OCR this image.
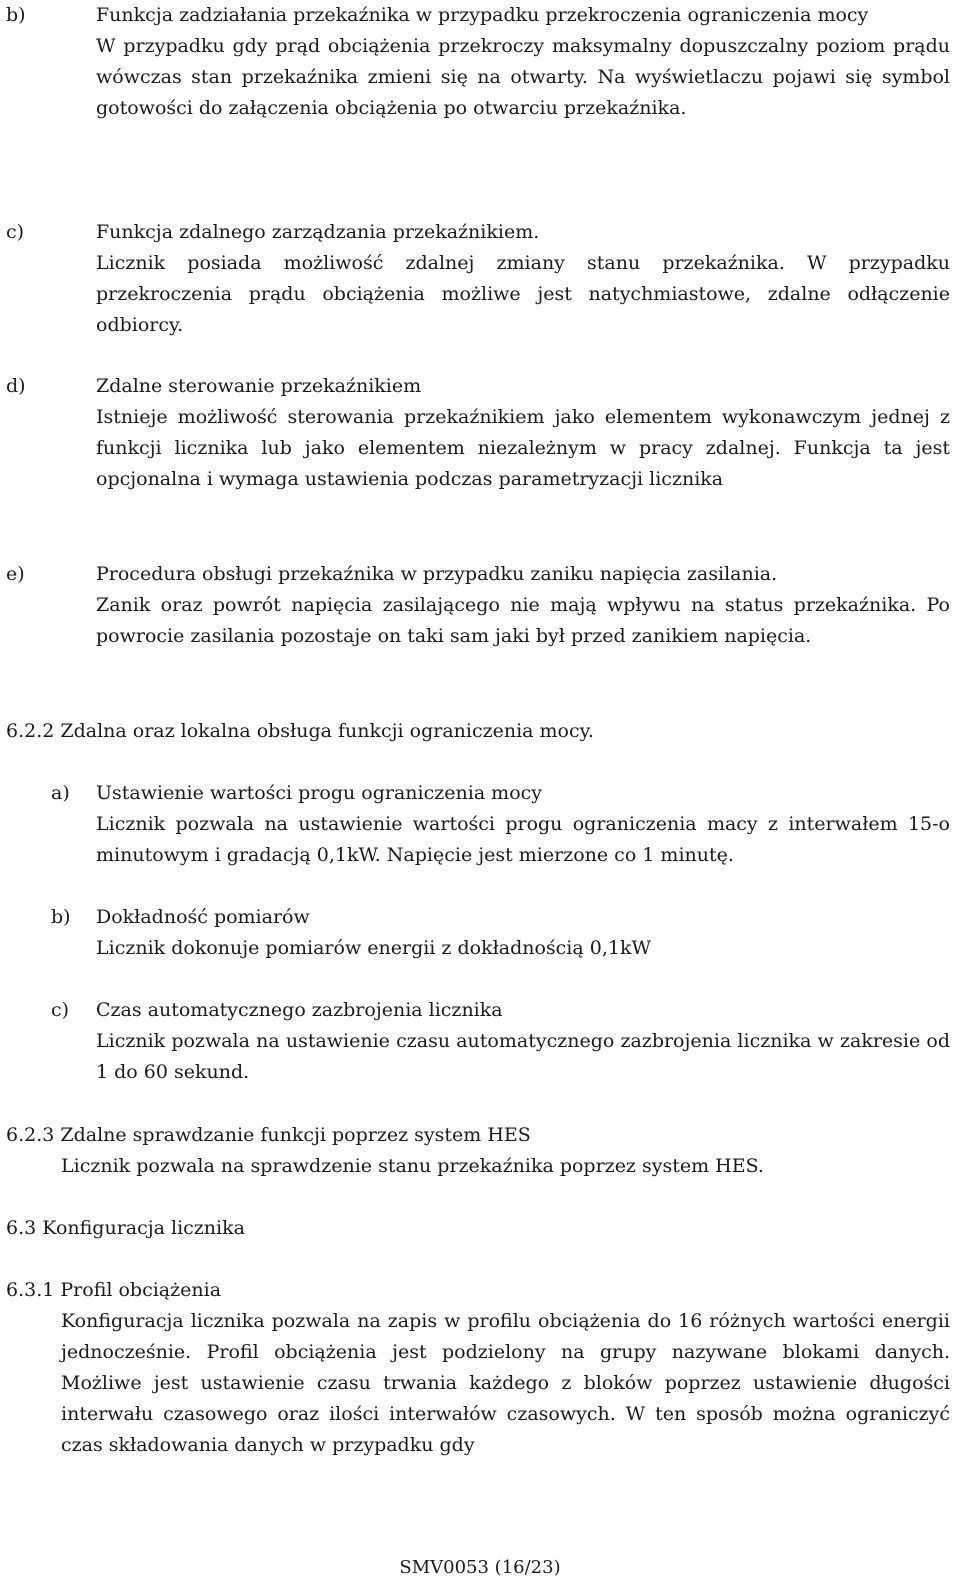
b)	Funkcja zadziałania przekaźnika w przypadku przekroczenia ograniczenia mocy

W przypadku gdy prąd obciążenia przekroczy maksymalny dopuszczalny poziom prądu wówczas stan przekaźnika zmieni się na otwarty. Na wyświetlaczu pojawi się symbol gotowości do załączenia obciążenia po otwarciu przekaźnika.

c)	Funkcja zdalnego zarządzania przekaźnikiem.

Licznik posiada możliwość zdalnej zmiany stanu przekaźnika. W przypadku przekroczenia prądu obciążenia możliwe jest natychmiastowe, zdalne odłączenie odbiorcy.

d)	Zdalne sterowanie przekaźnikiem

Istnieje możliwość sterowania przekaźnikiem jako elementem wykonawczym jednej z funkcji licznika lub jako elementem niezależnym w pracy zdalnej. Funkcja ta jest opcjonalna i wymaga ustawienia podczas parametryzacji licznika

e)	Procedura obsługi przekaźnika w przypadku zaniku napięcia zasilania.

Zanik oraz powrót napięcia zasilającego nie mają wpływu na status przekaźnika. Po powrocie zasilania pozostaje on taki sam jaki był przed zanikiem napięcia.

6.2.2 Zdalna oraz lokalna obsługa funkcji ograniczenia mocy.

a) Ustawienie wartości progu ograniczenia mocy

Licznik pozwala na ustawienie wartości progu ograniczenia macy z interwałem 15-o minutowym i gradacją 0,1kW. Napięcie jest mierzone co 1 minutę.

b) Dokładność pomiarów

Licznik dokonuje pomiarów energii z dokładnością 0,1kW

c) Czas automatycznego zazbrojenia licznika

Licznik pozwala na ustawienie czasu automatycznego zazbrojenia licznika w zakresie od 1 do 60 sekund.

6.2.3 Zdalne sprawdzanie funkcji poprzez system HES

Licznik pozwala na sprawdzenie stanu przekaźnika poprzez system HES.

6.3 Konfiguracja licznika

6.3.1 Profil obciążenia

Konfiguracja licznika pozwala na zapis w profilu obciążenia do 16 różnych wartości energii jednocześnie. Profil obciążenia jest podzielony na grupy nazywane blokami danych. Możliwe jest ustawienie czasu trwania każdego z bloków poprzez ustawienie długości interwału czasowego oraz ilości interwałów czasowych. W ten sposób można ograniczyć czas składowania danych w przypadku gdy

SMV0053 (16/23)
